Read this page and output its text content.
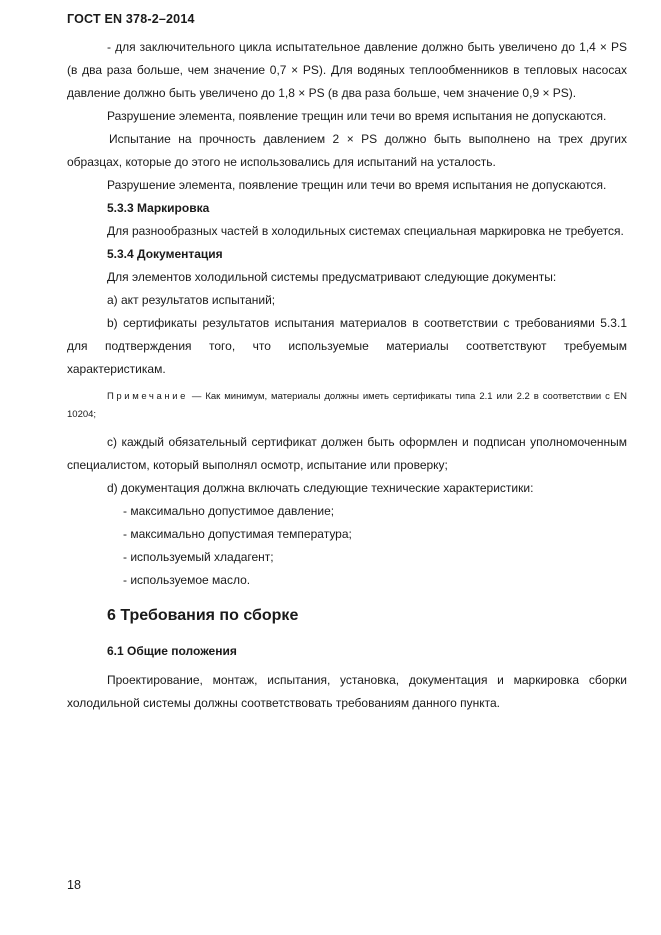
ГОСТ EN 378-2–2014

- для заключительного цикла испытательное давление должно быть увеличено до 1,4 × PS (в два раза больше, чем значение 0,7 × PS). Для водяных теплообменников в тепловых насосах давление должно быть увеличено до 1,8 × PS (в два раза больше, чем значение 0,9 × PS).

Разрушение элемента, появление трещин или течи во время испытания не допускаются.

Испытание на прочность давлением 2 × PS должно быть выполнено на трех других образцах, которые до этого не использовались для испытаний на усталость.

Разрушение элемента, появление трещин или течи во время испытания не допускаются.

5.3.3 Маркировка

Для разнообразных частей в холодильных системах специальная маркировка не требуется.

5.3.4 Документация

Для элементов холодильной системы предусматривают следующие документы:

а) акт результатов испытаний;

b) сертификаты результатов испытания материалов в соответствии с требованиями 5.3.1 для подтверждения того, что используемые материалы соответствуют требуемым характеристикам.

Примечание — Как минимум, материалы должны иметь сертификаты типа 2.1 или 2.2 в соответствии с EN 10204;

c) каждый обязательный сертификат должен быть оформлен и подписан уполномоченным специалистом, который выполнял осмотр, испытание или проверку;

d) документация должна включать следующие технические характеристики:

- максимально допустимое давление;

- максимально допустимая температура;

- используемый хладагент;

- используемое масло.

6 Требования по сборке

6.1 Общие положения

Проектирование, монтаж, испытания, установка, документация и маркировка сборки холодильной системы должны соответствовать требованиям данного пункта.

18
